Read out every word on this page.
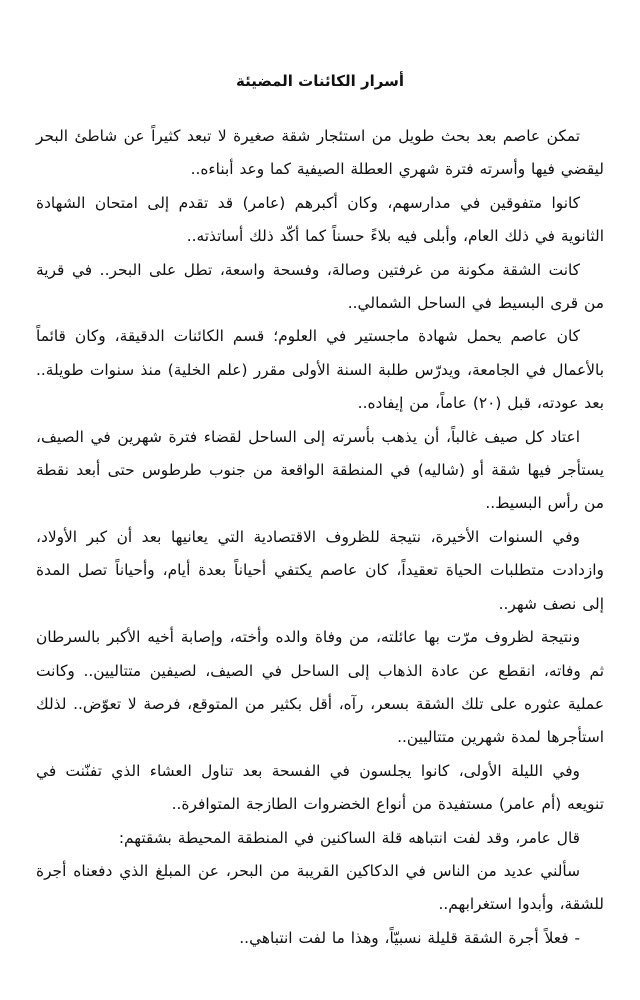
أسرار الكائنات المضيئة

تمكن عاصم بعد بحث طويل من استئجار شقة صغيرة لا تبعد كثيراً عن شاطئ البحر ليقضي فيها وأسرته فترة شهري العطلة الصيفية كما وعد أبناءه..

كانوا متفوقين في مدارسهم، وكان أكبرهم (عامر) قد تقدم إلى امتحان الشهادة الثانوية في ذلك العام، وأبلى فيه بلاءً حسناً كما أكّد ذلك أساتذته..

كانت الشقة مكونة من غرفتين وصالة، وفسحة واسعة، تطل على البحر.. في قرية من قرى البسيط في الساحل الشمالي..

كان عاصم يحمل شهادة ماجستير في العلوم؛ قسم الكائنات الدقيقة، وكان قائماً بالأعمال في الجامعة، ويدرّس طلبة السنة الأولى مقرر (علم الخلية) منذ سنوات طويلة.. بعد عودته، قبل (٢٠) عاماً، من إيفاده..

اعتاد كل صيف غالباً، أن يذهب بأسرته إلى الساحل لقضاء فترة شهرين في الصيف، يستأجر فيها شقة أو (شاليه) في المنطقة الواقعة من جنوب طرطوس حتى أبعد نقطة من رأس البسيط..

وفي السنوات الأخيرة، نتيجة للظروف الاقتصادية التي يعانيها بعد أن كبر الأولاد، وازدادت متطلبات الحياة تعقيداً، كان عاصم يكتفي أحياناً بعدة أيام، وأحياناً تصل المدة إلى نصف شهر..

ونتيجة لظروف مرّت بها عائلته، من وفاة والده وأخته، وإصابة أخيه الأكبر بالسرطان ثم وفاته، انقطع عن عادة الذهاب إلى الساحل في الصيف، لصيفين متتاليين.. وكانت عملية عثوره على تلك الشقة بسعر، رآه، أقل بكثير من المتوقع، فرصة لا تعوّض.. لذلك استأجرها لمدة شهرين متتاليين..

وفي الليلة الأولى، كانوا يجلسون في الفسحة بعد تناول العشاء الذي تفنّنت في تنويعه (أم عامر) مستفيدة من أنواع الخضروات الطازجة المتوافرة..

قال عامر، وقد لفت انتباهه قلة الساكنين في المنطقة المحيطة بشقتهم:

سألني عديد من الناس في الدكاكين القريبة من البحر، عن المبلغ الذي دفعناه أجرة للشقة، وأبدوا استغرابهم..

- فعلاً أجرة الشقة قليلة نسبيّاً، وهذا ما لفت انتباهي..
